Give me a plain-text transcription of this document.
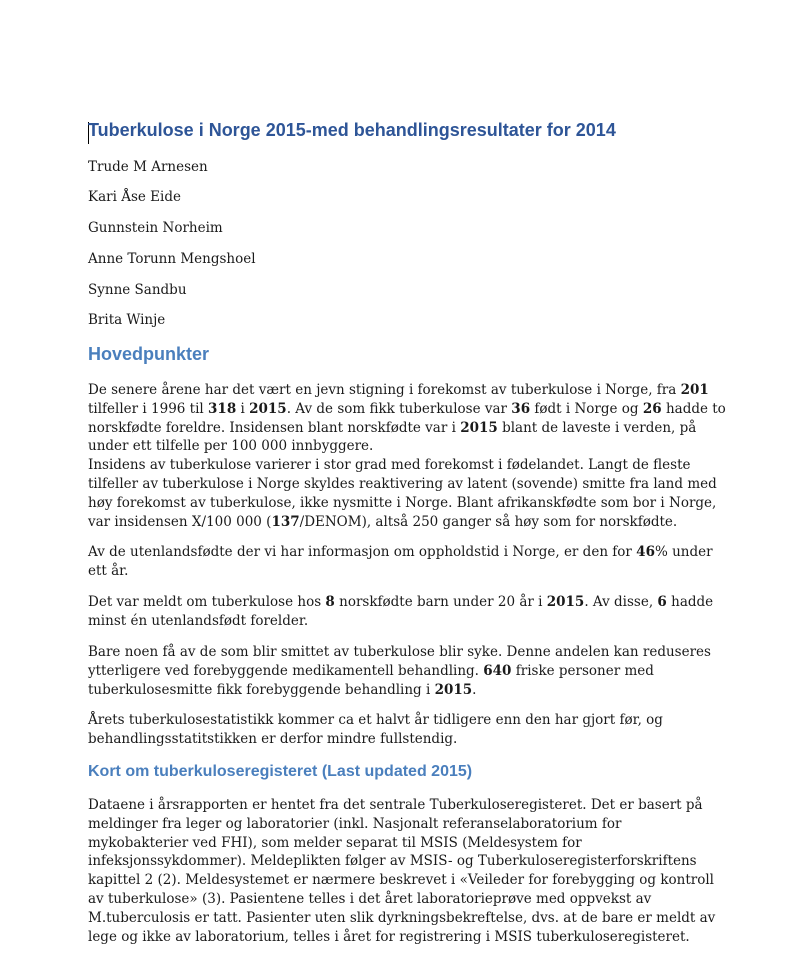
Tuberkulose i Norge 2015-med behandlingsresultater for 2014

Trude M Arnesen

Kari Åse Eide

Gunnstein Norheim

Anne Torunn Mengshoel

Synne Sandbu

Brita Winje

Hovedpunkter
De senere årene har det vært en jevn stigning i forekomst av tuberkulose i Norge, fra 201
tilfeller i 1996 til 318 i 2015. Av de som fikk tuberkulose var 36 født i Norge og 26 hadde to
norskfødte foreldre. Insidensen blant norskfødte var i 2015 blant de laveste i verden, på
under ett tilfelle per 100 000 innbyggere.
Insidens av tuberkulose varierer i stor grad med forekomst i fødelandet. Langt de fleste
tilfeller av tuberkulose i Norge skyldes reaktivering av latent (sovende) smitte fra land med
høy forekomst av tuberkulose, ikke nysmitte i Norge. Blant afrikanskfødte som bor i Norge,
var insidensen X/100 000 (137/DENOM), altså 250 ganger så høy som for norskfødte.
Av de utenlandsfødte der vi har informasjon om oppholdstid i Norge, er den for 46% under
ett år.
Det var meldt om tuberkulose hos 8 norskfødte barn under 20 år i 2015. Av disse, 6 hadde
minst én utenlandsfødt forelder.
Bare noen få av de som blir smittet av tuberkulose blir syke. Denne andelen kan reduseres
ytterligere ved forebyggende medikamentell behandling. 640 friske personer med
tuberkulosesmitte fikk forebyggende behandling i 2015.
Årets tuberkulosestatistikk kommer ca et halvt år tidligere enn den har gjort før, og
behandlingsstatitstikken er derfor mindre fullstendig.
Kort om tuberkuloseregisteret (Last updated 2015)
Dataene i årsrapporten er hentet fra det sentrale Tuberkuloseregisteret. Det er basert på
meldinger fra leger og laboratorier (inkl. Nasjonalt referanselaboratorium for
mykobakterier ved FHI), som melder separat til MSIS (Meldesystem for
infeksjonssykdommer). Meldeplikten følger av MSIS- og Tuberkuloseregisterforskriftens
kapittel 2 (2). Meldesystemet er nærmere beskrevet i «Veileder for forebygging og kontroll
av tuberkulose» (3). Pasientene telles i det året laboratorieprøve med oppvekst av
M.tuberculosis er tatt. Pasienter uten slik dyrkningsbekreftelse, dvs. at de bare er meldt av
lege og ikke av laboratorium, telles i året for registrering i MSIS tuberkuloseregisteret.
